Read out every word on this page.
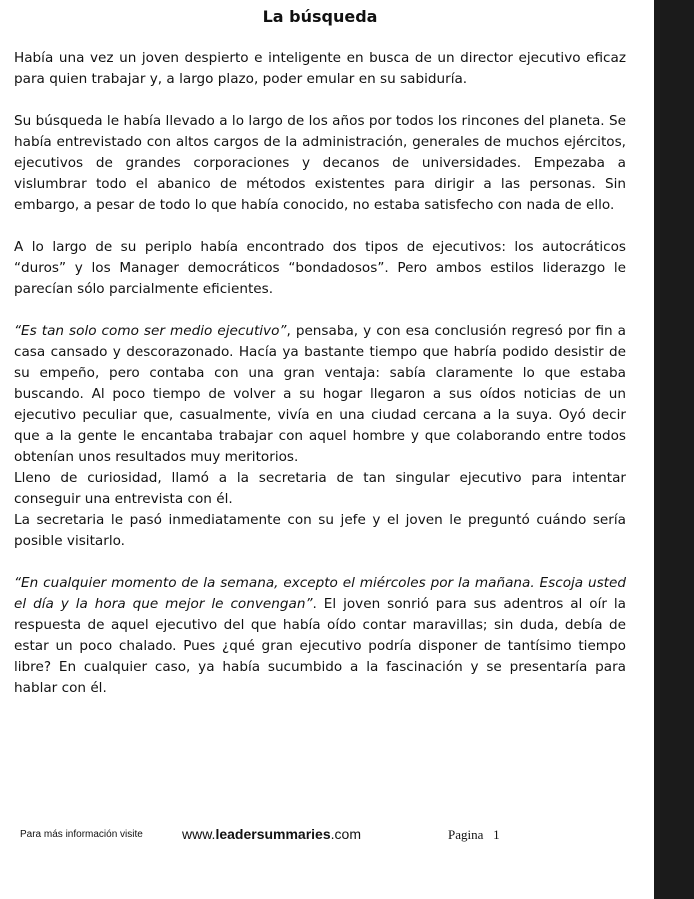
La búsqueda

Había una vez un joven despierto e inteligente en busca de un director ejecutivo eficaz para quien trabajar y, a largo plazo, poder emular en su sabiduría.

Su búsqueda le había llevado a lo largo de los años por todos los rincones del planeta. Se había entrevistado con altos cargos de la administración, generales de muchos ejércitos, ejecutivos de grandes corporaciones y decanos de universidades. Empezaba a vislumbrar todo el abanico de métodos existentes para dirigir a las personas. Sin embargo, a pesar de todo lo que había conocido, no estaba satisfecho con nada de ello.

A lo largo de su periplo había encontrado dos tipos de ejecutivos: los autocráticos “duros” y los Manager democráticos “bondadosos”. Pero ambos estilos liderazgo le parecían sólo parcialmente eficientes.

“Es tan solo como ser medio ejecutivo”, pensaba, y con esa conclusión regresó por fin a casa cansado y descorazonado. Hacía ya bastante tiempo que habría podido desistir de su empeño, pero contaba con una gran ventaja: sabía claramente lo que estaba buscando. Al poco tiempo de volver a su hogar llegaron a sus oídos noticias de un ejecutivo peculiar que, casualmente, vivía en una ciudad cercana a la suya. Oyó decir que a la gente le encantaba trabajar con aquel hombre y que colaborando entre todos obtenían unos resultados muy meritorios.

Lleno de curiosidad, llamó a la secretaria de tan singular ejecutivo para intentar conseguir una entrevista con él.

La secretaria le pasó inmediatamente con su jefe y el joven le preguntó cuándo sería posible visitarlo.

“En cualquier momento de la semana, excepto el miércoles por la mañana. Escoja usted el día y la hora que mejor le convengan”. El joven sonrió para sus adentros al oír la respuesta de aquel ejecutivo del que había oído contar maravillas; sin duda, debía de estar un poco chalado. Pues ¿qué gran ejecutivo podría disponer de tantísimo tiempo libre? En cualquier caso, ya había sucumbido a la fascinación y se presentaría para hablar con él.

Para más información visite	www.leadersummaries.com	Pagina 1
